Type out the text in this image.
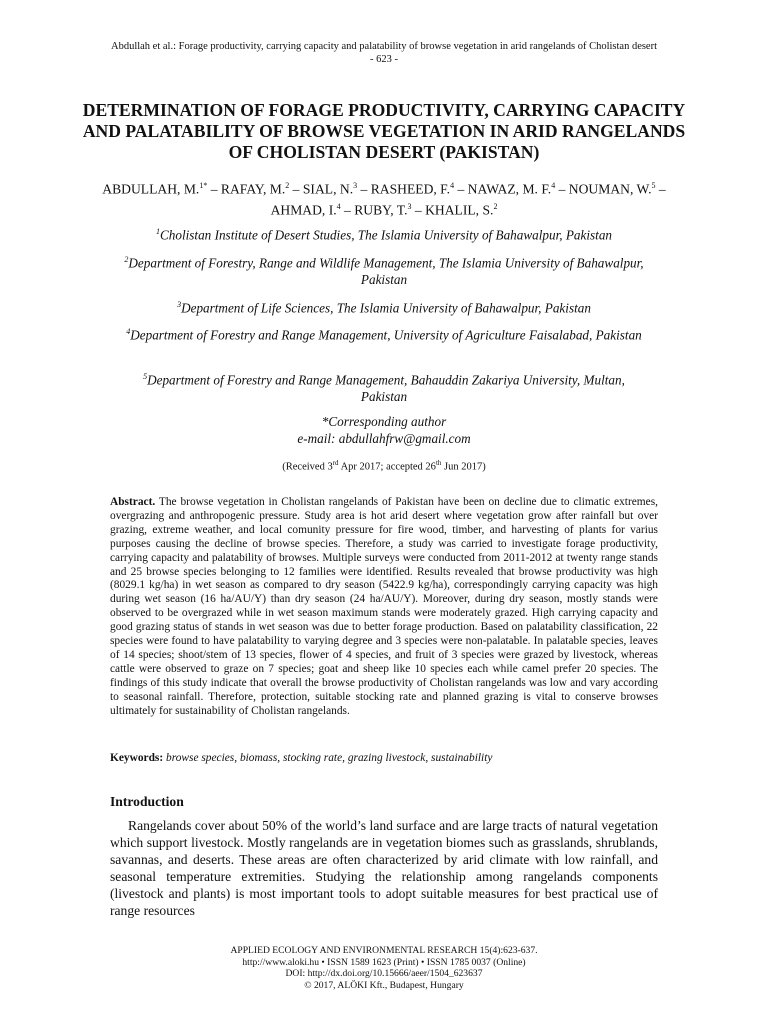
Abdullah et al.: Forage productivity, carrying capacity and palatability of browse vegetation in arid rangelands of Cholistan desert
- 623 -
DETERMINATION OF FORAGE PRODUCTIVITY, CARRYING CAPACITY AND PALATABILITY OF BROWSE VEGETATION IN ARID RANGELANDS OF CHOLISTAN DESERT (PAKISTAN)
ABDULLAH, M.$^{1*}$ – RAFAY, M.$^2$ – SIAL, N.$^3$ – RASHEED, F.$^4$ – NAWAZ, M. F.$^4$ – NOUMAN, W.$^5$ – AHMAD, I.$^4$ – RUBY, T.$^3$ – KHALIL, S.$^2$
$^1$Cholistan Institute of Desert Studies, The Islamia University of Bahawalpur, Pakistan
$^2$Department of Forestry, Range and Wildlife Management, The Islamia University of Bahawalpur, Pakistan
$^3$Department of Life Sciences, The Islamia University of Bahawalpur, Pakistan
$^4$Department of Forestry and Range Management, University of Agriculture Faisalabad, Pakistan
$^5$Department of Forestry and Range Management, Bahauddin Zakariya University, Multan, Pakistan
*Corresponding author
e-mail: abdullahfrw@gmail.com
(Received 3rd Apr 2017; accepted 26th Jun 2017)
Abstract. The browse vegetation in Cholistan rangelands of Pakistan have been on decline due to climatic extremes, overgrazing and anthropogenic pressure. Study area is hot arid desert where vegetation grow after rainfall but over grazing, extreme weather, and local comunity pressure for fire wood, timber, and harvesting of plants for varius purposes causing the decline of browse species. Therefore, a study was carried to investigate forage productivity, carrying capacity and palatability of browses. Multiple surveys were conducted from 2011-2012 at twenty range stands and 25 browse species belonging to 12 families were identified. Results revealed that browse productivity was high (8029.1 kg/ha) in wet season as compared to dry season (5422.9 kg/ha), correspondingly carrying capacity was high during wet season (16 ha/AU/Y) than dry season (24 ha/AU/Y). Moreover, during dry season, mostly stands were observed to be overgrazed while in wet season maximum stands were moderately grazed. High carrying capacity and good grazing status of stands in wet season was due to better forage production. Based on palatability classification, 22 species were found to have palatability to varying degree and 3 species were non-palatable. In palatable species, leaves of 14 species; shoot/stem of 13 species, flower of 4 species, and fruit of 3 species were grazed by livestock, whereas cattle were observed to graze on 7 species; goat and sheep like 10 species each while camel prefer 20 species. The findings of this study indicate that overall the browse productivity of Cholistan rangelands was low and vary according to seasonal rainfall. Therefore, protection, suitable stocking rate and planned grazing is vital to conserve browses ultimately for sustainability of Cholistan rangelands.
Keywords: browse species, biomass, stocking rate, grazing livestock, sustainability
Introduction

Rangelands cover about 50% of the world’s land surface and are large tracts of natural vegetation which support livestock. Mostly rangelands are in vegetation biomes such as grasslands, shrublands, savannas, and deserts. These areas are often characterized by arid climate with low rainfall, and seasonal temperature extremities. Studying the relationship among rangelands components (livestock and plants) is most important tools to adopt suitable measures for best practical use of range resources

APPLIED ECOLOGY AND ENVIRONMENTAL RESEARCH 15(4):623-637.
http://www.aloki.hu • ISSN 1589 1623 (Print) • ISSN 1785 0037 (Online)
DOI: http://dx.doi.org/10.15666/aeer/1504_623637
© 2017, ALÖKI Kft., Budapest, Hungary
